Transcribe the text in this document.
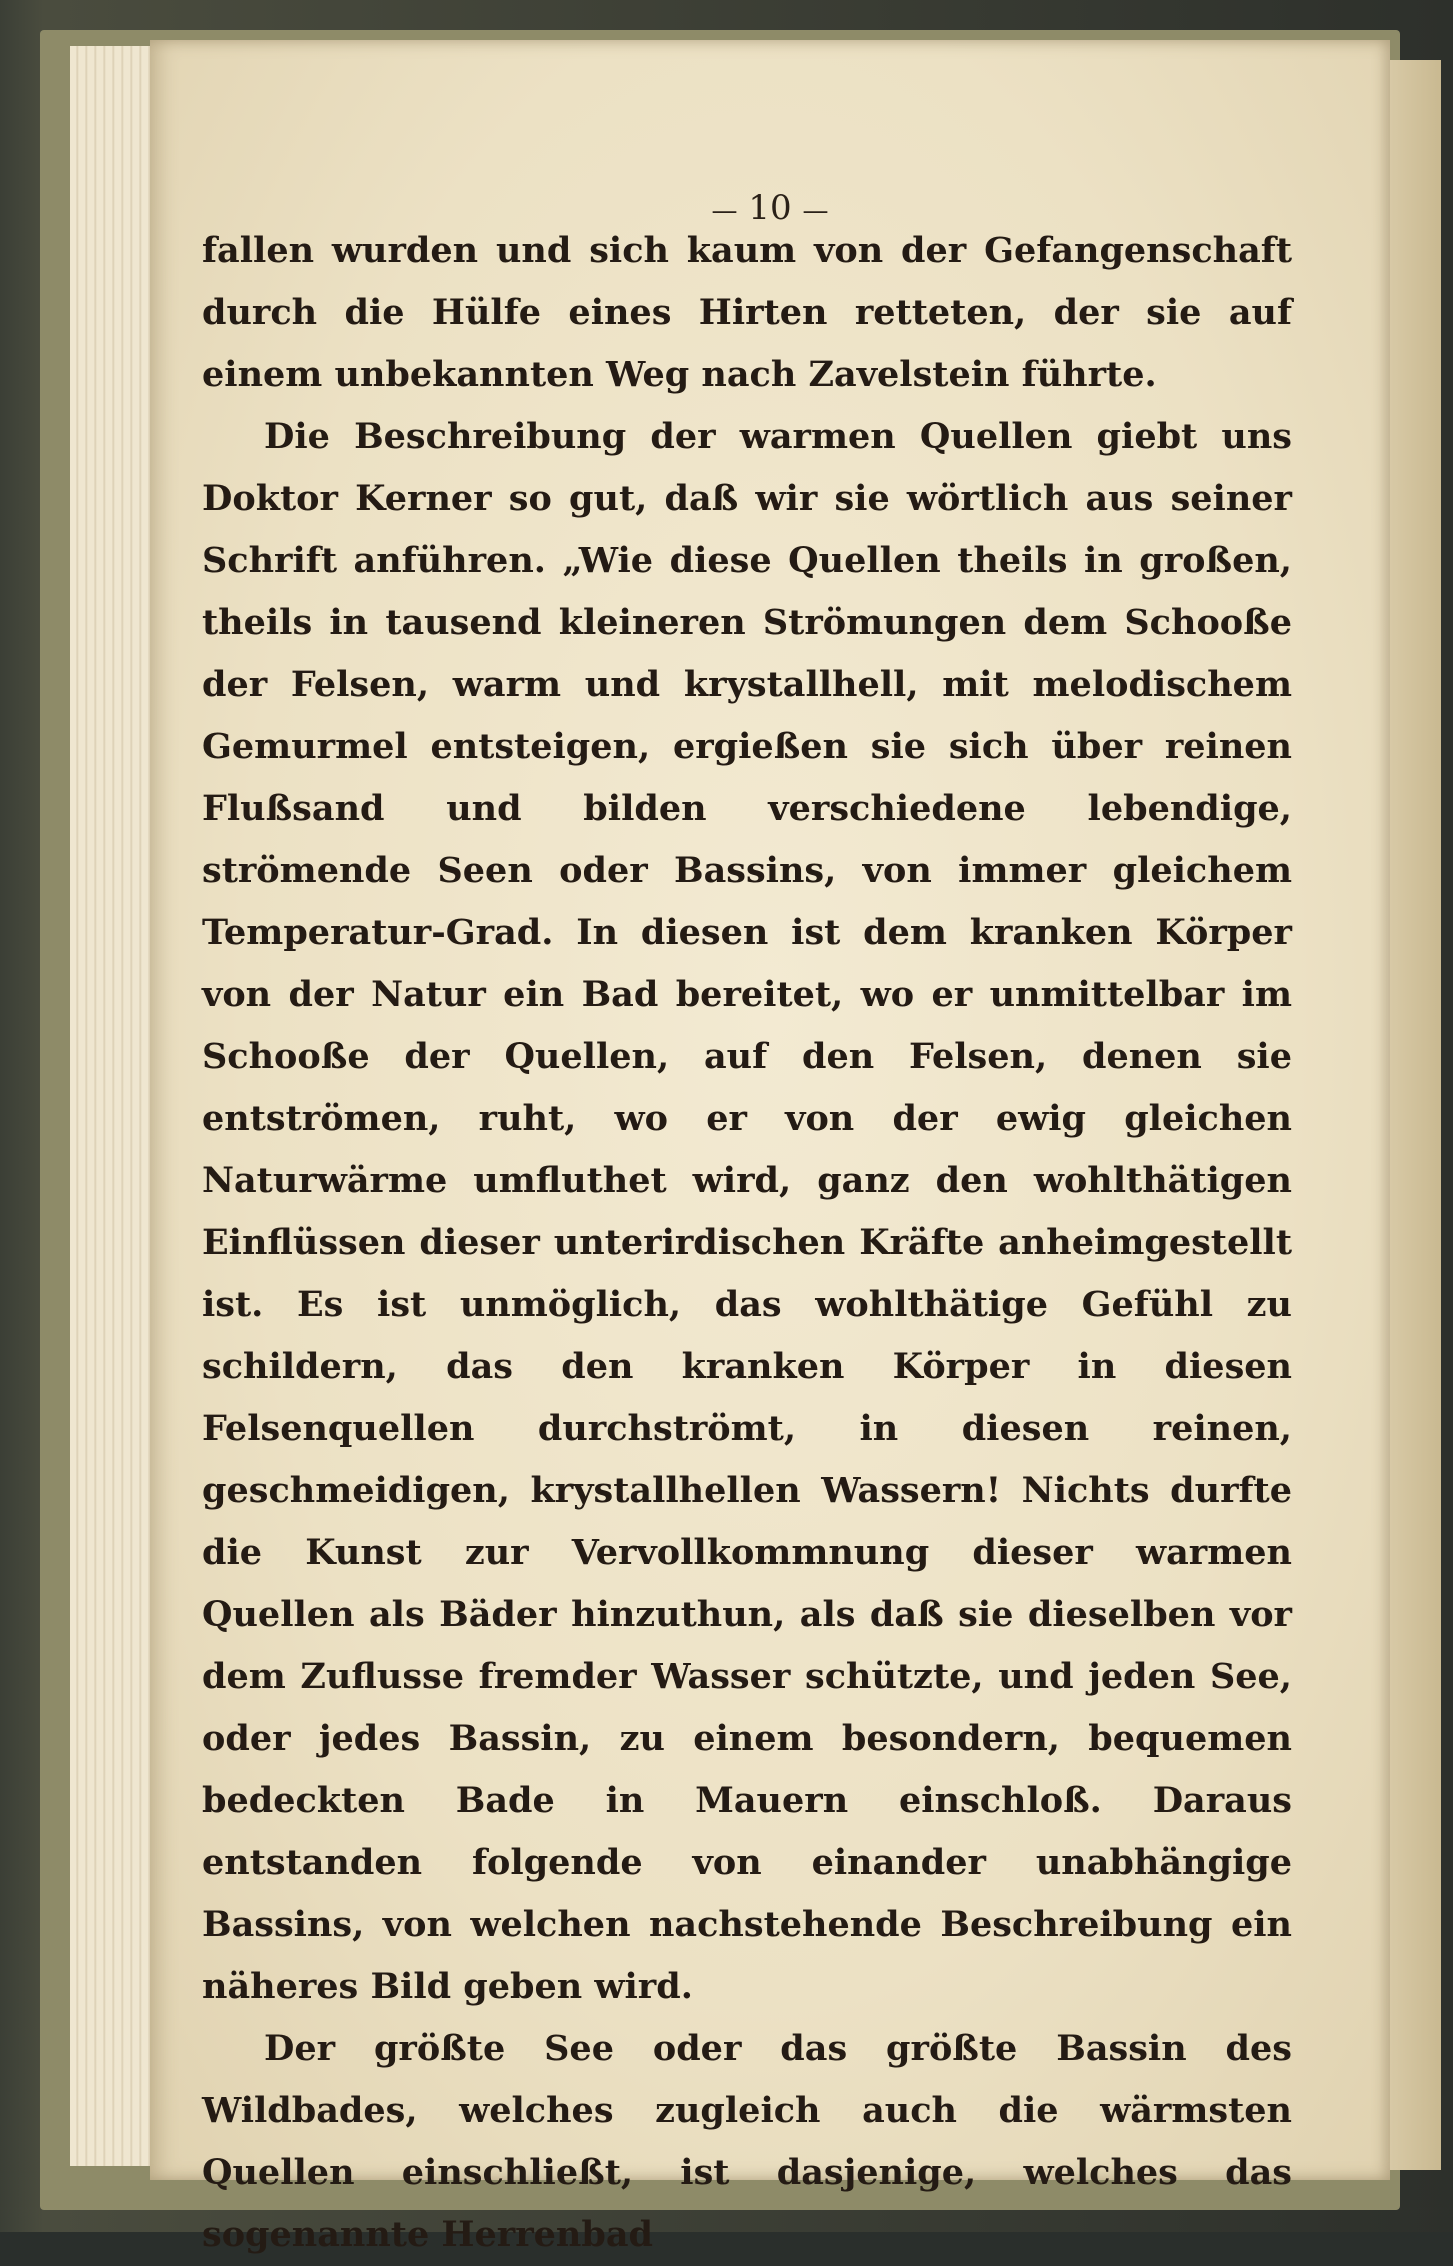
— 10 —

fallen wurden und sich kaum von der Gefangenschaft durch die Hülfe eines Hirten retteten, der sie auf einem unbekannten Weg nach Zavelstein führte.

Die Beschreibung der warmen Quellen giebt uns Doktor Kerner so gut, daß wir sie wörtlich aus seiner Schrift anführen. „Wie diese Quellen theils in großen, theils in tausend kleineren Strömungen dem Schooße der Felsen, warm und krystallhell, mit melodischem Gemurmel entsteigen, ergießen sie sich über reinen Flußsand und bilden verschiedene lebendige, strömende Seen oder Bassins, von immer gleichem Temperatur-Grad. In diesen ist dem kranken Körper von der Natur ein Bad bereitet, wo er unmittelbar im Schooße der Quellen, auf den Felsen, denen sie entströmen, ruht, wo er von der ewig gleichen Naturwärme umfluthet wird, ganz den wohlthätigen Einflüssen dieser unterirdischen Kräfte anheimgestellt ist. Es ist unmöglich, das wohlthätige Gefühl zu schildern, das den kranken Körper in diesen Felsenquellen durchströmt, in diesen reinen, geschmeidigen, krystallhellen Wassern! Nichts durfte die Kunst zur Vervollkommnung dieser warmen Quellen als Bäder hinzuthun, als daß sie dieselben vor dem Zuflusse fremder Wasser schützte, und jeden See, oder jedes Bassin, zu einem besondern, bequemen bedeckten Bade in Mauern einschloß. Daraus entstanden folgende von einander unabhängige Bassins, von welchen nachstehende Beschreibung ein näheres Bild geben wird.

Der größte See oder das größte Bassin des Wildbades, welches zugleich auch die wärmsten Quellen einschließt, ist dasjenige, welches das sogenannte Herrenbad
